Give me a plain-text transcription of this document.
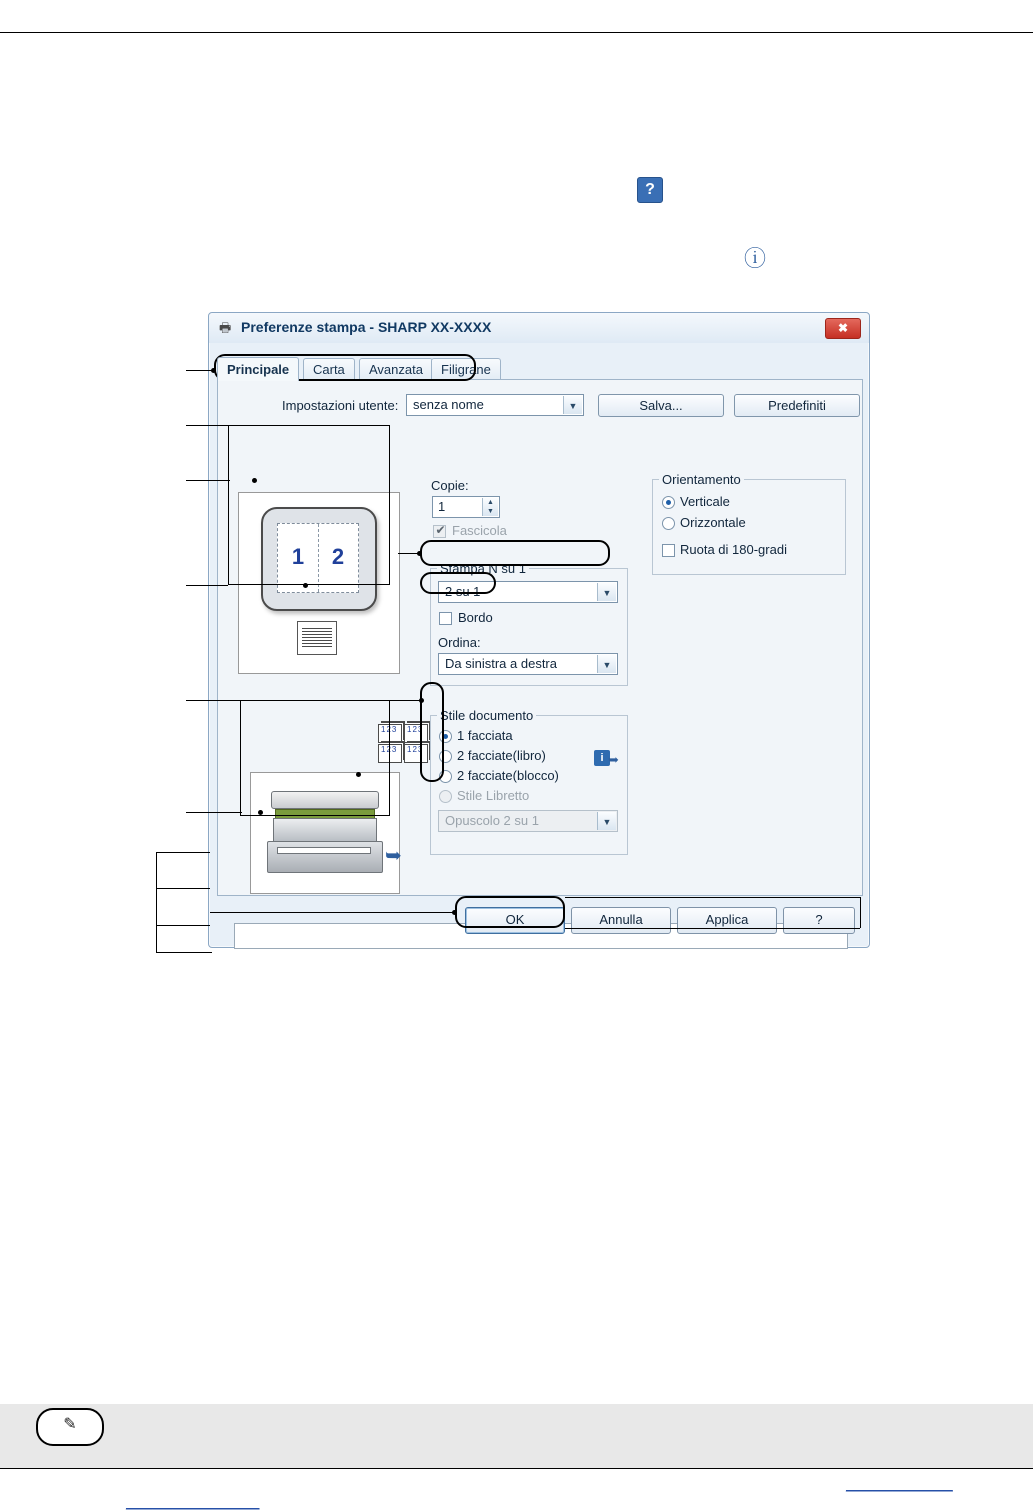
?
ⓘ
🖶 Preferenze stampa - SHARP XX-XXXX	✖
Principale	Carta	Avanzata	Filigrane
Impostazioni utente: senza nome	▼	Salva...	Predefiniti
1	2
123 123
123 123
➥
Copie:
1	▲
▼
✔
Fascicola
Stampa N su 1
2 su 1	▼
Bordo
Ordina:
Da sinistra a destra	▼
Stile documento
1 facciata
2 facciate(libro)
2 facciate(blocco)
Stile Libretto
Opuscolo 2 su 1	▼
Orientamento
Verticale
Orizzontale
Ruota di 180-gradi
i ➥
OK	Annulla	Applica	?
✎
________________
____________________
